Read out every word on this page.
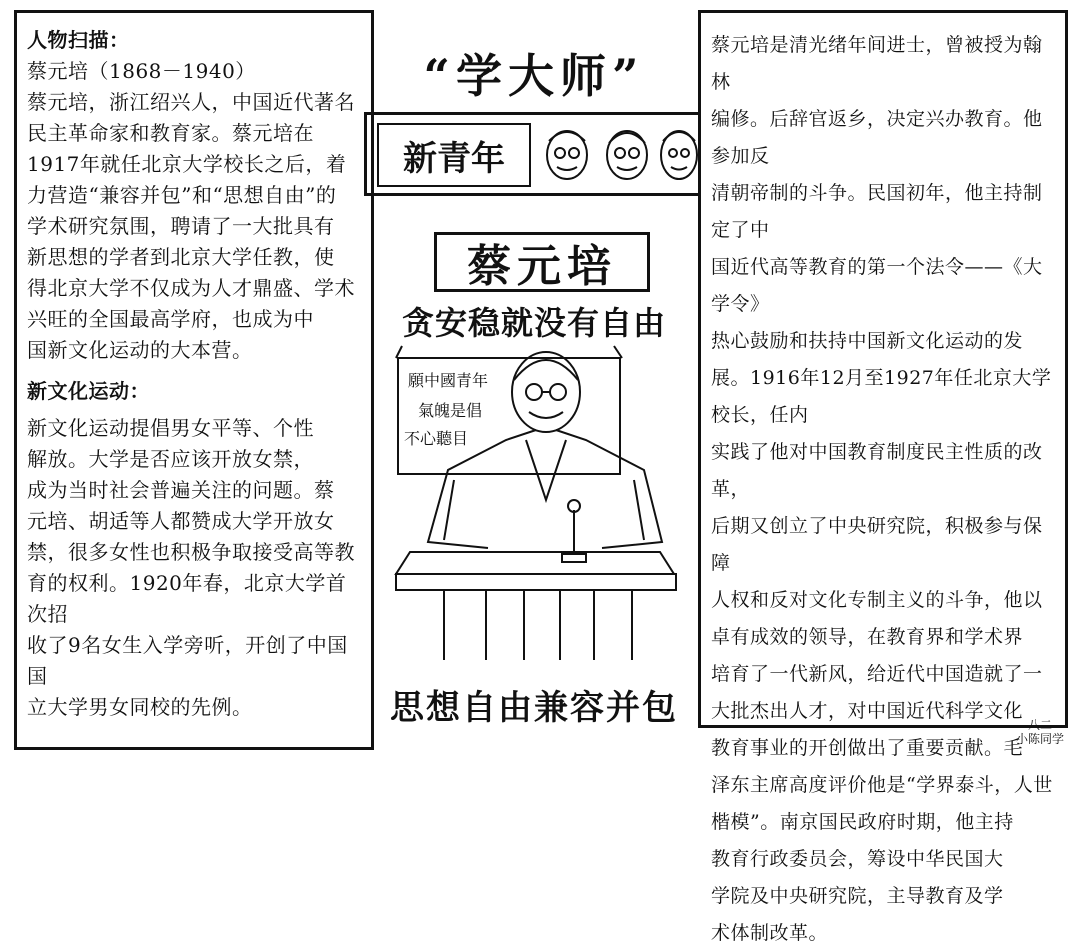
人物扫描：

蔡元培（1868－1940）

蔡元培，浙江绍兴人，中国近代著名

民主革命家和教育家。蔡元培在

1917年就任北京大学校长之后，着

力营造“兼容并包”和“思想自由”的

学术研究氛围，聘请了一大批具有

新思想的学者到北京大学任教，使

得北京大学不仅成为人才鼎盛、学术

兴旺的全国最高学府，也成为中

国新文化运动的大本营。

新文化运动：

新文化运动提倡男女平等、个性

解放。大学是否应该开放女禁，

成为当时社会普遍关注的问题。蔡

元培、胡适等人都赞成大学开放女

禁，很多女性也积极争取接受高等教

育的权利。1920年春，北京大学首次招

收了9名女生入学旁听，开创了中国国

立大学男女同校的先例。

“学大师”
新青年
蔡元培
贪安稳就没有自由
願中國青年
氣魄是倡
不心聽目
思想自由兼容并包

蔡元培是清光绪年间进士，曾被授为翰林

编修。后辞官返乡，决定兴办教育。他参加反

清朝帝制的斗争。民国初年，他主持制定了中

国近代高等教育的第一个法令——《大学令》

热心鼓励和扶持中国新文化运动的发

展。1916年12月至1927年任北京大学校长，任内

实践了他对中国教育制度民主性质的改革，

后期又创立了中央研究院，积极参与保障

人权和反对文化专制主义的斗争，他以

卓有成效的领导，在教育界和学术界

培育了一代新风，给近代中国造就了一

大批杰出人才，对中国近代科学文化

教育事业的开创做出了重要贡献。毛

泽东主席高度评价他是“学界泰斗，人世

楷模”。南京国民政府时期，他主持

教育行政委员会，筹设中华民国大

学院及中央研究院，主导教育及学

术体制改革。

八二
小陈同学
